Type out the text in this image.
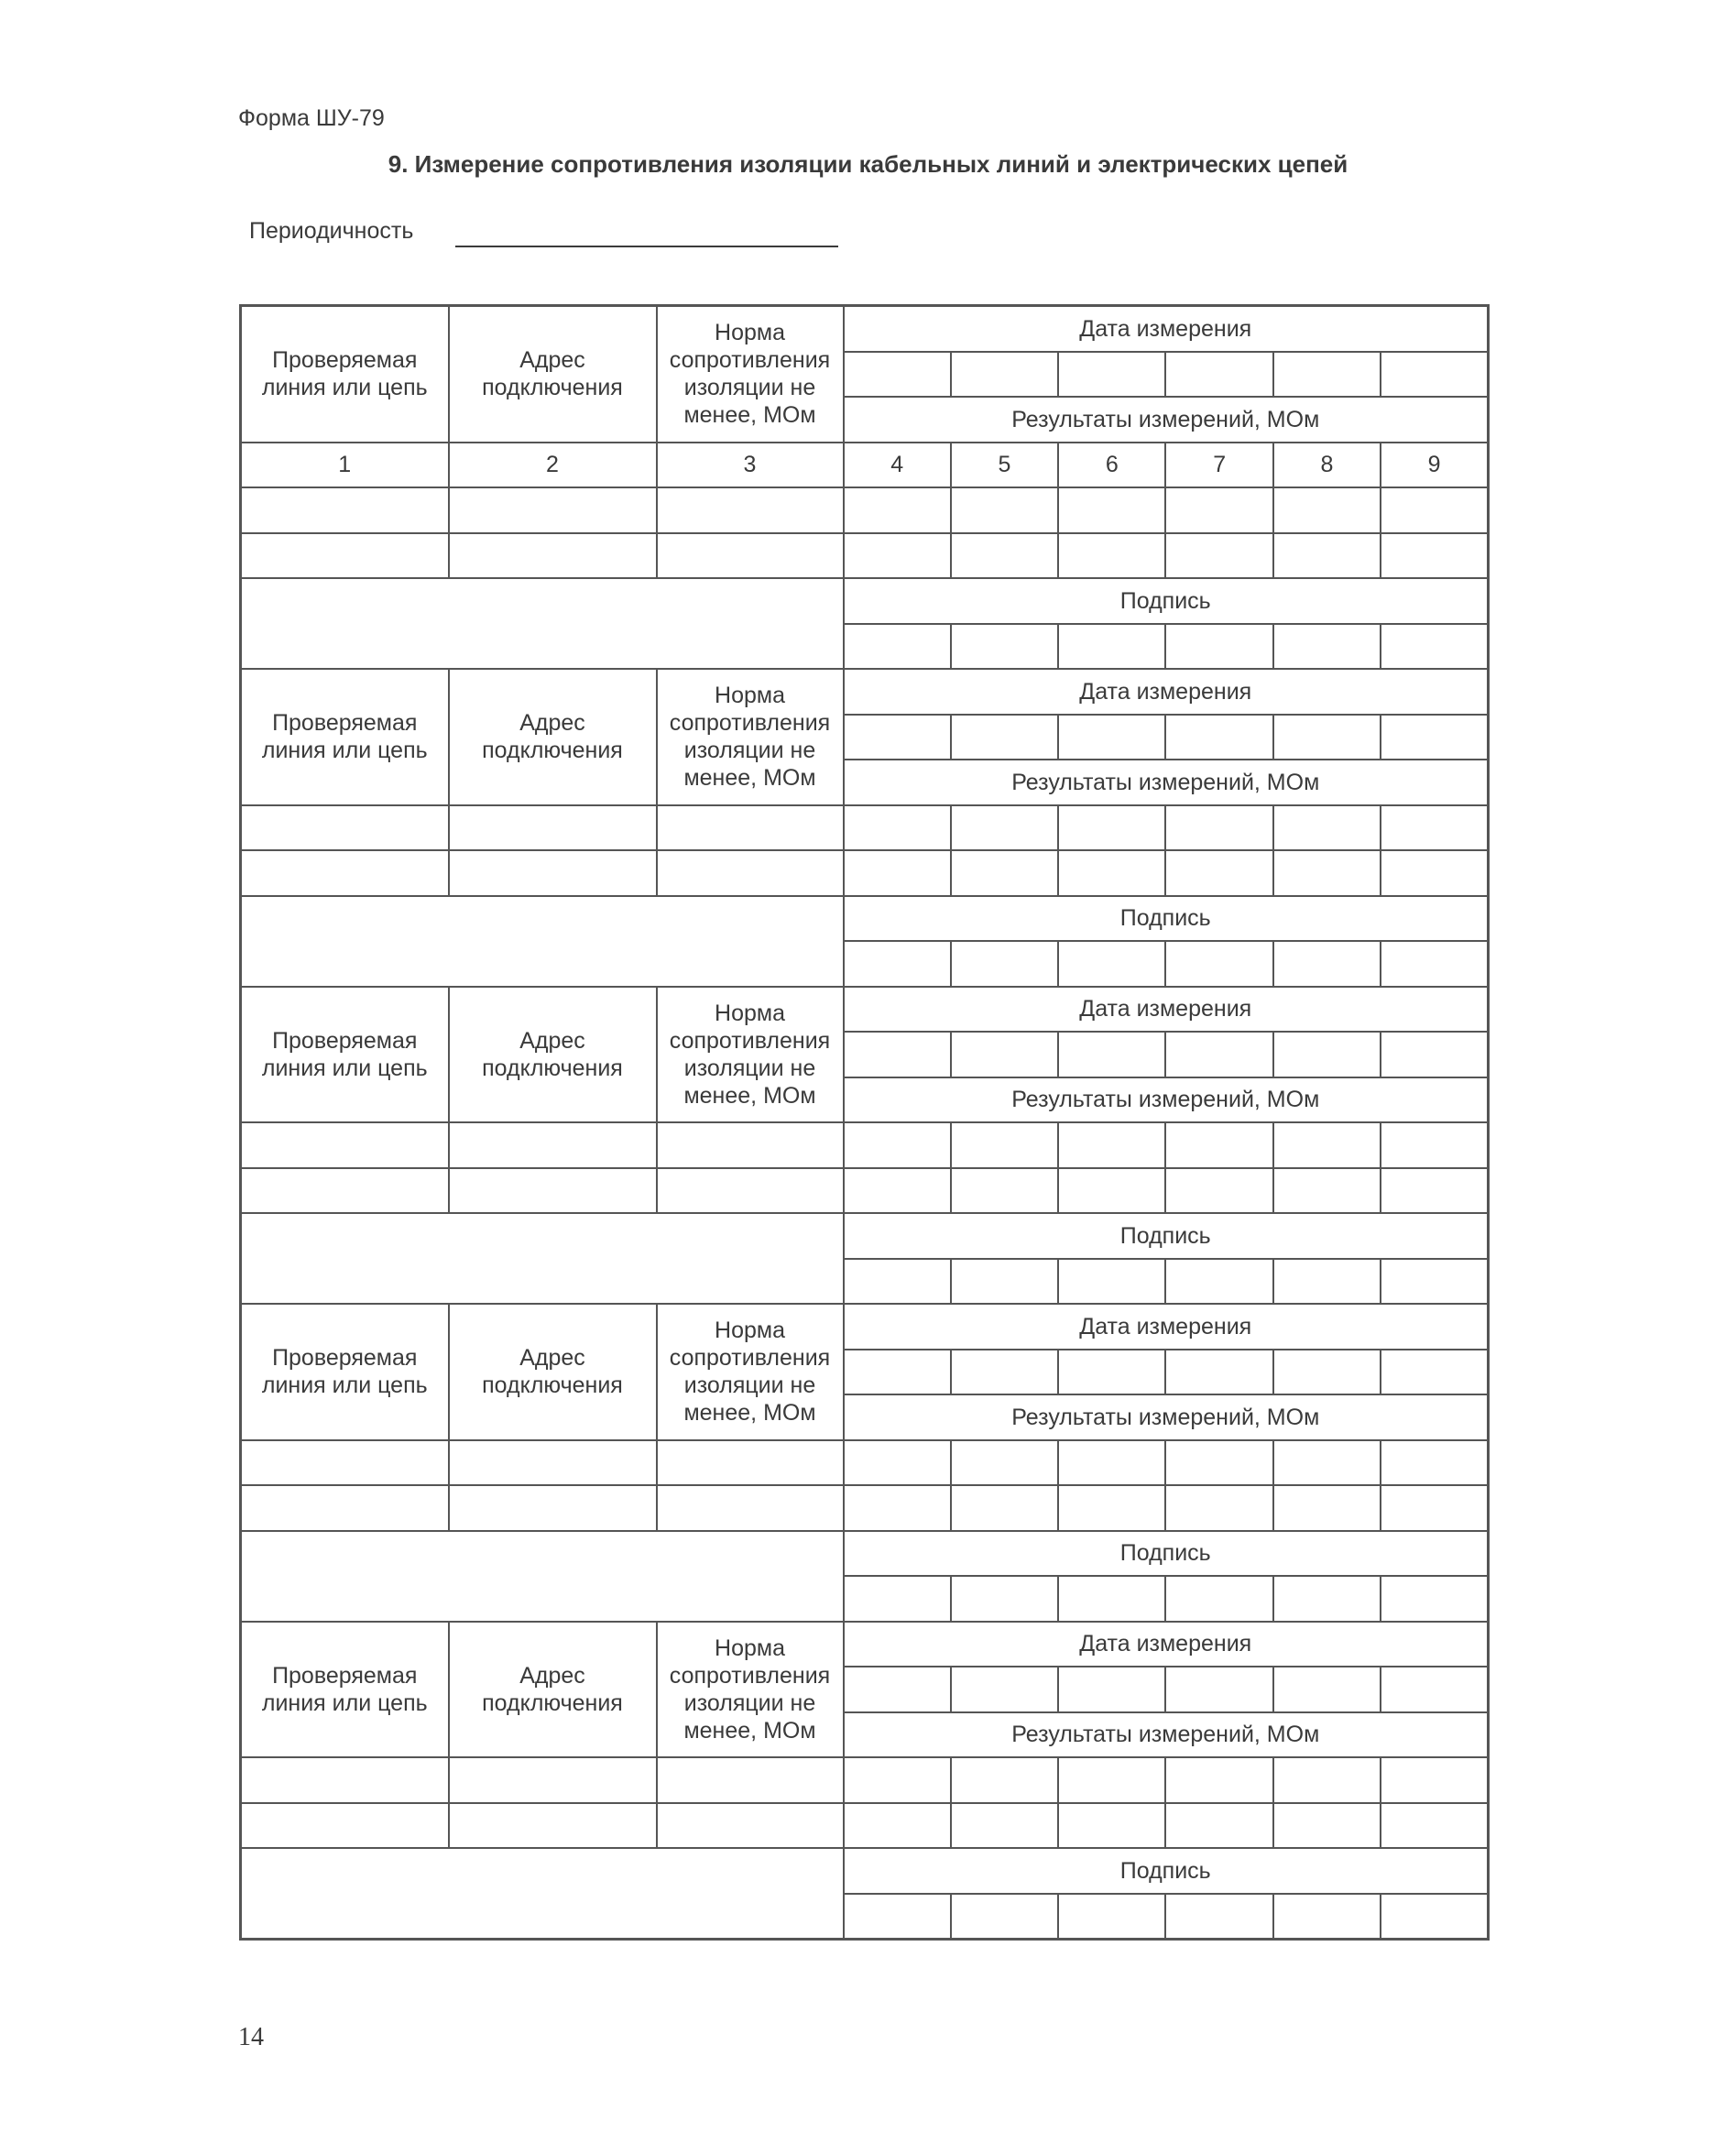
Форма ШУ-79
9. Измерение сопротивления изоляции кабельных линий и электрических цепей
Периодичность
Проверяемая линия или цепь	Адрес подключения	Норма сопротивления изоляции не менее, МОм	Дата измерения					

			Результаты измерений, МОм					
1	2	3	4	5	6	7	8	9

			Подпись					

Проверяемая линия или цепь	Адрес подключения	Норма сопротивления изоляции не менее, МОм	Дата измерения					

			Результаты измерений, МОм					

			Подпись					

Проверяемая линия или цепь	Адрес подключения	Норма сопротивления изоляции не менее, МОм	Дата измерения					

			Результаты измерений, МОм					

			Подпись					

Проверяемая линия или цепь	Адрес подключения	Норма сопротивления изоляции не менее, МОм	Дата измерения					

			Результаты измерений, МОм					

			Подпись					

Проверяемая линия или цепь	Адрес подключения	Норма сопротивления изоляции не менее, МОм	Дата измерения					

			Результаты измерений, МОм					

			Подпись					

14
